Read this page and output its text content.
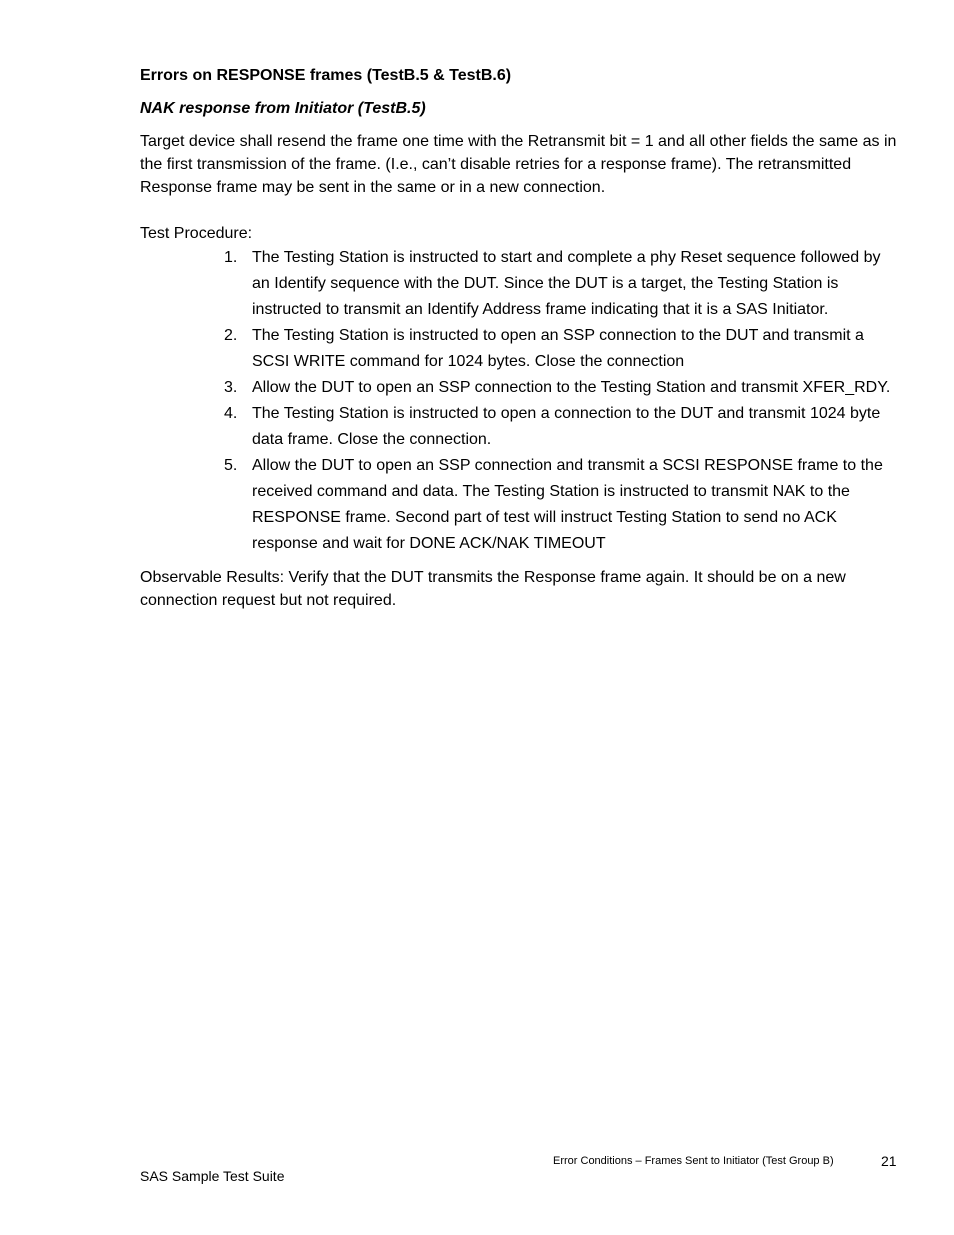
Errors on RESPONSE frames (TestB.5 & TestB.6)
NAK response from Initiator (TestB.5)

Target device shall resend the frame one time with the Retransmit bit = 1 and all other fields the same as in the first transmission of the frame. (I.e., can’t disable retries for a response frame). The retransmitted Response frame may be sent in the same or in a new connection.

Test Procedure:

1. The Testing Station is instructed to start and complete a phy Reset sequence followed by an Identify sequence with the DUT. Since the DUT is a target, the Testing Station is instructed to transmit an Identify Address frame indicating that it is a SAS Initiator.
2. The Testing Station is instructed to open an SSP connection to the DUT and transmit a SCSI WRITE command for 1024 bytes. Close the connection
3. Allow the DUT to open an SSP connection to the Testing Station and transmit XFER_RDY.
4. The Testing Station is instructed to open a connection to the DUT and transmit 1024 byte data frame. Close the connection.
5. Allow the DUT to open an SSP connection and transmit a SCSI RESPONSE frame to the received command and data. The Testing Station is instructed to transmit NAK to the RESPONSE frame. Second part of test will instruct Testing Station to send no ACK response and wait for DONE ACK/NAK TIMEOUT

Observable Results: Verify that the DUT transmits the Response frame again. It should be on a new connection request but not required.

Error Conditions – Frames Sent to Initiator (Test Group B)	21
SAS Sample Test Suite
